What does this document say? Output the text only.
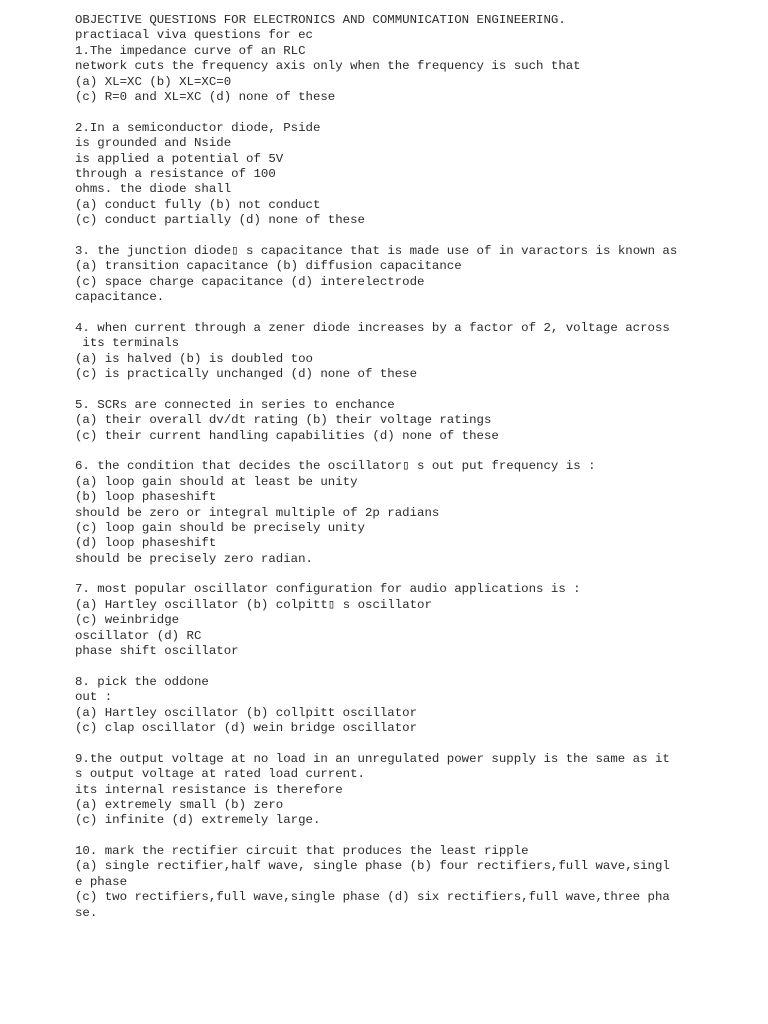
OBJECTIVE QUESTIONS FOR ELECTRONICS AND COMMUNICATION ENGINEERING.
practiacal viva questions for ec
1.The impedance curve of an RLC
network cuts the frequency axis only when the frequency is such that
(a) XL=XC (b) XL=XC=0
(c) R=0 and XL=XC (d) none of these
2.In a semiconductor diode, Pside
is grounded and Nside
is applied a potential of 5V
through a resistance of 100
ohms. the diode shall
(a) conduct fully (b) not conduct
(c) conduct partially (d) none of these
3. the junction diode▯ s capacitance that is made use of in varactors is known as
(a) transition capacitance (b) diffusion capacitance
(c) space charge capacitance (d) interelectrode
capacitance.
4. when current through a zener diode increases by a factor of 2, voltage across
its terminals
(a) is halved (b) is doubled too
(c) is practically unchanged (d) none of these
5. SCRs are connected in series to enchance
(a) their overall dv/dt rating (b) their voltage ratings
(c) their current handling capabilities (d) none of these
6. the condition that decides the oscillator▯ s out put frequency is :
(a) loop gain should at least be unity
(b) loop phaseshift
should be zero or integral multiple of 2p radians
(c) loop gain should be precisely unity
(d) loop phaseshift
should be precisely zero radian.
7. most popular oscillator configuration for audio applications is :
(a) Hartley oscillator (b) colpitt▯ s oscillator
(c) weinbridge
oscillator (d) RC
phase shift oscillator
8. pick the oddone
out :
(a) Hartley oscillator (b) collpitt oscillator
(c) clap oscillator (d) wein bridge oscillator
9.the output voltage at no load in an unregulated power supply is the same as it
s output voltage at rated load current.
its internal resistance is therefore
(a) extremely small (b) zero
(c) infinite (d) extremely large.
10. mark the rectifier circuit that produces the least ripple
(a) single rectifier,half wave, single phase (b) four rectifiers,full wave,singl
e phase
(c) two rectifiers,full wave,single phase (d) six rectifiers,full wave,three pha
se.
